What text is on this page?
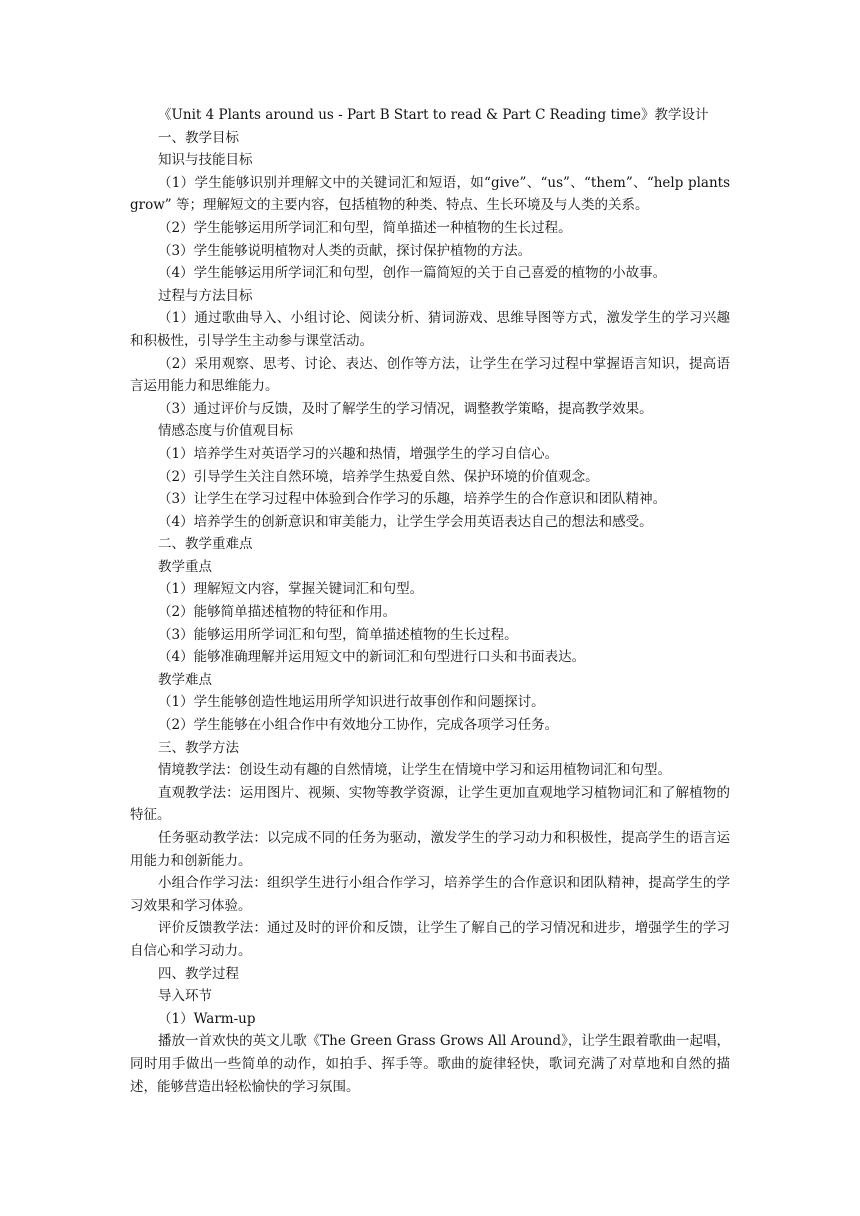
《Unit 4 Plants around us - Part B Start to read & Part C Reading time》教学设计
一、教学目标
知识与技能目标
（1）学生能够识别并理解文中的关键词汇和短语，如“give”、“us”、“them”、“help plants grow” 等；理解短文的主要内容，包括植物的种类、特点、生长环境及与人类的关系。
（2）学生能够运用所学词汇和句型，简单描述一种植物的生长过程。
（3）学生能够说明植物对人类的贡献，探讨保护植物的方法。
（4）学生能够运用所学词汇和句型，创作一篇简短的关于自己喜爱的植物的小故事。
过程与方法目标
（1）通过歌曲导入、小组讨论、阅读分析、猜词游戏、思维导图等方式，激发学生的学习兴趣和积极性，引导学生主动参与课堂活动。
（2）采用观察、思考、讨论、表达、创作等方法，让学生在学习过程中掌握语言知识，提高语言运用能力和思维能力。
（3）通过评价与反馈，及时了解学生的学习情况，调整教学策略，提高教学效果。
情感态度与价值观目标
（1）培养学生对英语学习的兴趣和热情，增强学生的学习自信心。
（2）引导学生关注自然环境，培养学生热爱自然、保护环境的价值观念。
（3）让学生在学习过程中体验到合作学习的乐趣，培养学生的合作意识和团队精神。
（4）培养学生的创新意识和审美能力，让学生学会用英语表达自己的想法和感受。
二、教学重难点
教学重点
（1）理解短文内容，掌握关键词汇和句型。
（2）能够简单描述植物的特征和作用。
（3）能够运用所学词汇和句型，简单描述植物的生长过程。
（4）能够准确理解并运用短文中的新词汇和句型进行口头和书面表达。
教学难点
（1）学生能够创造性地运用所学知识进行故事创作和问题探讨。
（2）学生能够在小组合作中有效地分工协作，完成各项学习任务。
三、教学方法
情境教学法：创设生动有趣的自然情境，让学生在情境中学习和运用植物词汇和句型。
直观教学法：运用图片、视频、实物等教学资源，让学生更加直观地学习植物词汇和了解植物的特征。
任务驱动教学法：以完成不同的任务为驱动，激发学生的学习动力和积极性，提高学生的语言运用能力和创新能力。
小组合作学习法：组织学生进行小组合作学习，培养学生的合作意识和团队精神，提高学生的学习效果和学习体验。
评价反馈教学法：通过及时的评价和反馈，让学生了解自己的学习情况和进步，增强学生的学习自信心和学习动力。
四、教学过程
导入环节
（1）Warm-up
播放一首欢快的英文儿歌《The Green Grass Grows All Around》，让学生跟着歌曲一起唱，同时用手做出一些简单的动作，如拍手、挥手等。歌曲的旋律轻快，歌词充满了对草地和自然的描述，能够营造出轻松愉快的学习氛围。
